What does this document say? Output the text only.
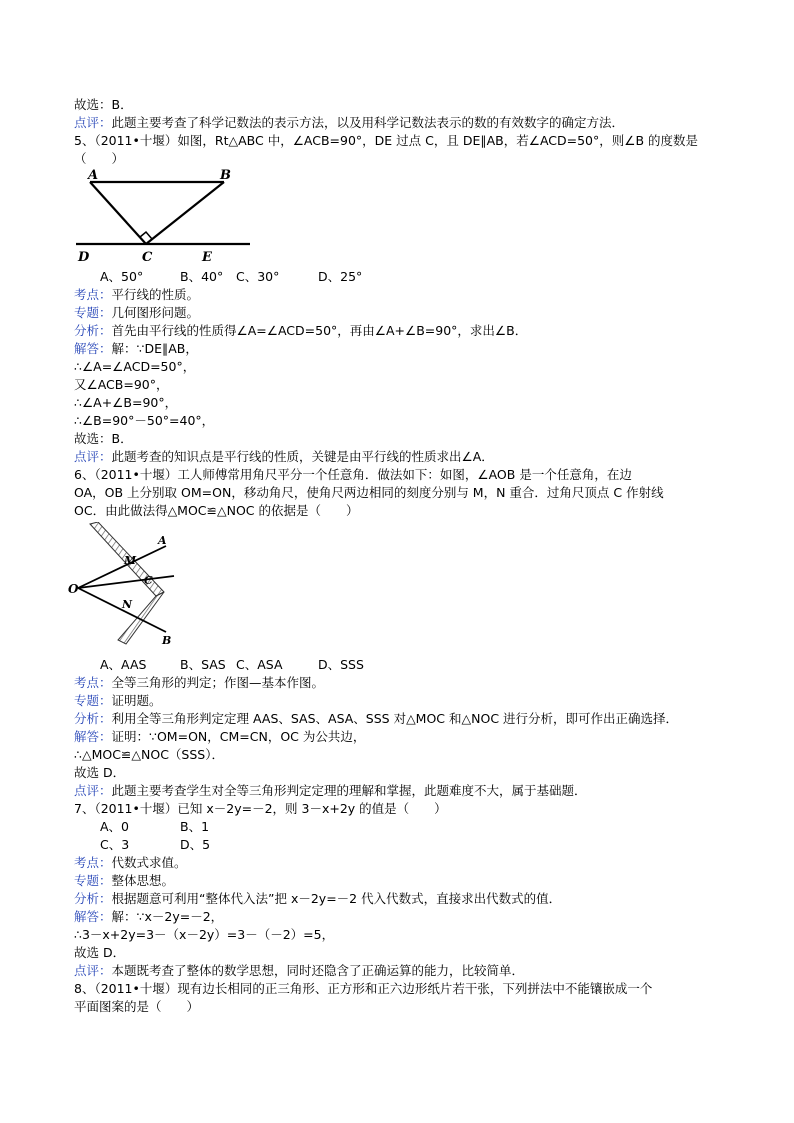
故选：B．
点评：此题主要考查了科学记数法的表示方法，以及用科学记数法表示的数的有效数字的确定方法．
5、（2011•十堰）如图，Rt△ABC 中，∠ACB=90°，DE 过点 C，且 DE∥AB，若∠ACD=50°，则∠B 的度数是
（　　）
A	B
C
D	E
A、50°	B、40° C、30°	D、25°
考点：平行线的性质。
专题：几何图形问题。
分析：首先由平行线的性质得∠A=∠ACD=50°，再由∠A+∠B=90°，求出∠B．
解答：解：∵DE∥AB，
∴∠A=∠ACD=50°，
又∠ACB=90°，
∴∠A+∠B=90°，
∴∠B=90°－50°=40°，
故选：B．
点评：此题考查的知识点是平行线的性质，关键是由平行线的性质求出∠A．
6、（2011•十堰）工人师傅常用角尺平分一个任意角．做法如下：如图，∠AOB 是一个任意角，在边
OA，OB 上分别取 OM=ON，移动角尺，使角尺两边相同的刻度分别与 M，N 重合．过角尺顶点 C 作射线
OC．由此做法得△MOC≌△NOC 的依据是（　　）
O
A
B
M
N
C
A、AAS	B、SAS C、ASA	D、SSS
考点：全等三角形的判定；作图—基本作图。
专题：证明题。
分析：利用全等三角形判定定理 AAS、SAS、ASA、SSS 对△MOC 和△NOC 进行分析，即可作出正确选择．
解答：证明：∵OM=ON，CM=CN，OC 为公共边，
∴△MOC≌△NOC（SSS）．
故选 D．
点评：此题主要考查学生对全等三角形判定定理的理解和掌握，此题难度不大，属于基础题．
7、（2011•十堰）已知 x－2y=－2，则 3－x+2y 的值是（　　）
A、0	B、1
C、3	D、5
考点：代数式求值。
专题：整体思想。
分析：根据题意可利用“整体代入法”把 x－2y=－2 代入代数式，直接求出代数式的值．
解答：解：∵x－2y=－2，
∴3－x+2y=3－（x－2y）=3－（－2）=5，
故选 D．
点评：本题既考查了整体的数学思想，同时还隐含了正确运算的能力，比较简单．
8、（2011•十堰）现有边长相同的正三角形、正方形和正六边形纸片若干张，下列拼法中不能镶嵌成一个
平面图案的是（　　）
